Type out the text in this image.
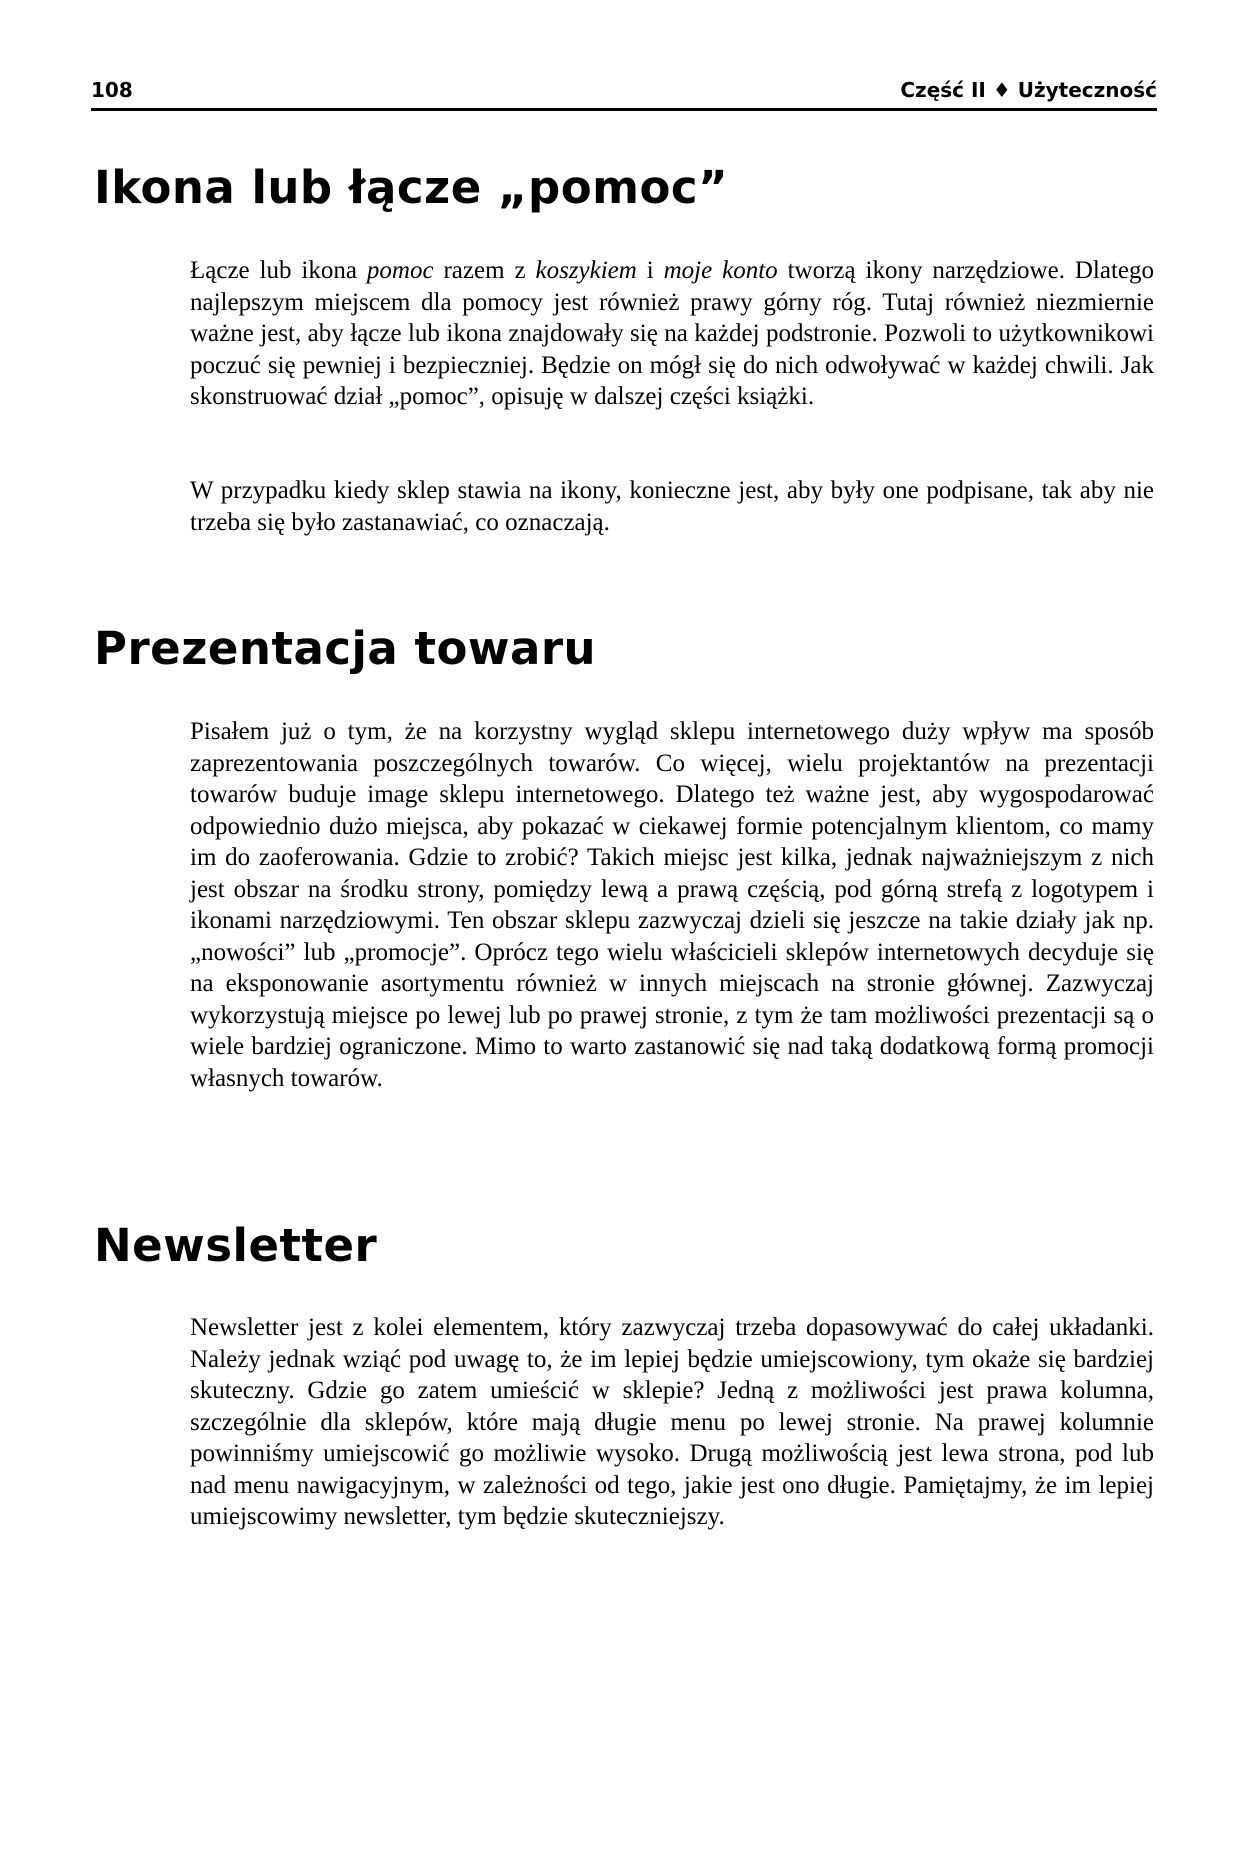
108	Część II ♦ Użyteczność
Ikona lub łącze „pomoc”

Łącze lub ikona pomoc razem z koszykiem i moje konto tworzą ikony narzędziowe. Dlatego najlepszym miejscem dla pomocy jest również prawy górny róg. Tutaj również niezmiernie ważne jest, aby łącze lub ikona znajdowały się na każdej podstronie. Pozwoli to użytkownikowi poczuć się pewniej i bezpieczniej. Będzie on mógł się do nich odwoływać w każdej chwili. Jak skonstruować dział „pomoc”, opisuję w dalszej części książki.

W przypadku kiedy sklep stawia na ikony, konieczne jest, aby były one podpisane, tak aby nie trzeba się było zastanawiać, co oznaczają.

Prezentacja towaru

Pisałem już o tym, że na korzystny wygląd sklepu internetowego duży wpływ ma sposób zaprezentowania poszczególnych towarów. Co więcej, wielu projektantów na prezentacji towarów buduje image sklepu internetowego. Dlatego też ważne jest, aby wygospodarować odpowiednio dużo miejsca, aby pokazać w ciekawej formie potencjalnym klientom, co mamy im do zaoferowania. Gdzie to zrobić? Takich miejsc jest kilka, jednak najważniejszym z nich jest obszar na środku strony, pomiędzy lewą a prawą częścią, pod górną strefą z logotypem i ikonami narzędziowymi. Ten obszar sklepu zazwyczaj dzieli się jeszcze na takie działy jak np. „nowości” lub „promocje”. Oprócz tego wielu właścicieli sklepów internetowych decyduje się na eksponowanie asortymentu również w innych miejscach na stronie głównej. Zazwyczaj wykorzystują miejsce po lewej lub po prawej stronie, z tym że tam możliwości prezentacji są o wiele bardziej ograniczone. Mimo to warto zastanowić się nad taką dodatkową formą promocji własnych towarów.

Newsletter

Newsletter jest z kolei elementem, który zazwyczaj trzeba dopasowywać do całej układanki. Należy jednak wziąć pod uwagę to, że im lepiej będzie umiejscowiony, tym okaże się bardziej skuteczny. Gdzie go zatem umieścić w sklepie? Jedną z możliwości jest prawa kolumna, szczególnie dla sklepów, które mają długie menu po lewej stronie. Na prawej kolumnie powinniśmy umiejscowić go możliwie wysoko. Drugą możliwością jest lewa strona, pod lub nad menu nawigacyjnym, w zależności od tego, jakie jest ono długie. Pamiętajmy, że im lepiej umiejscowimy newsletter, tym będzie skuteczniejszy.
